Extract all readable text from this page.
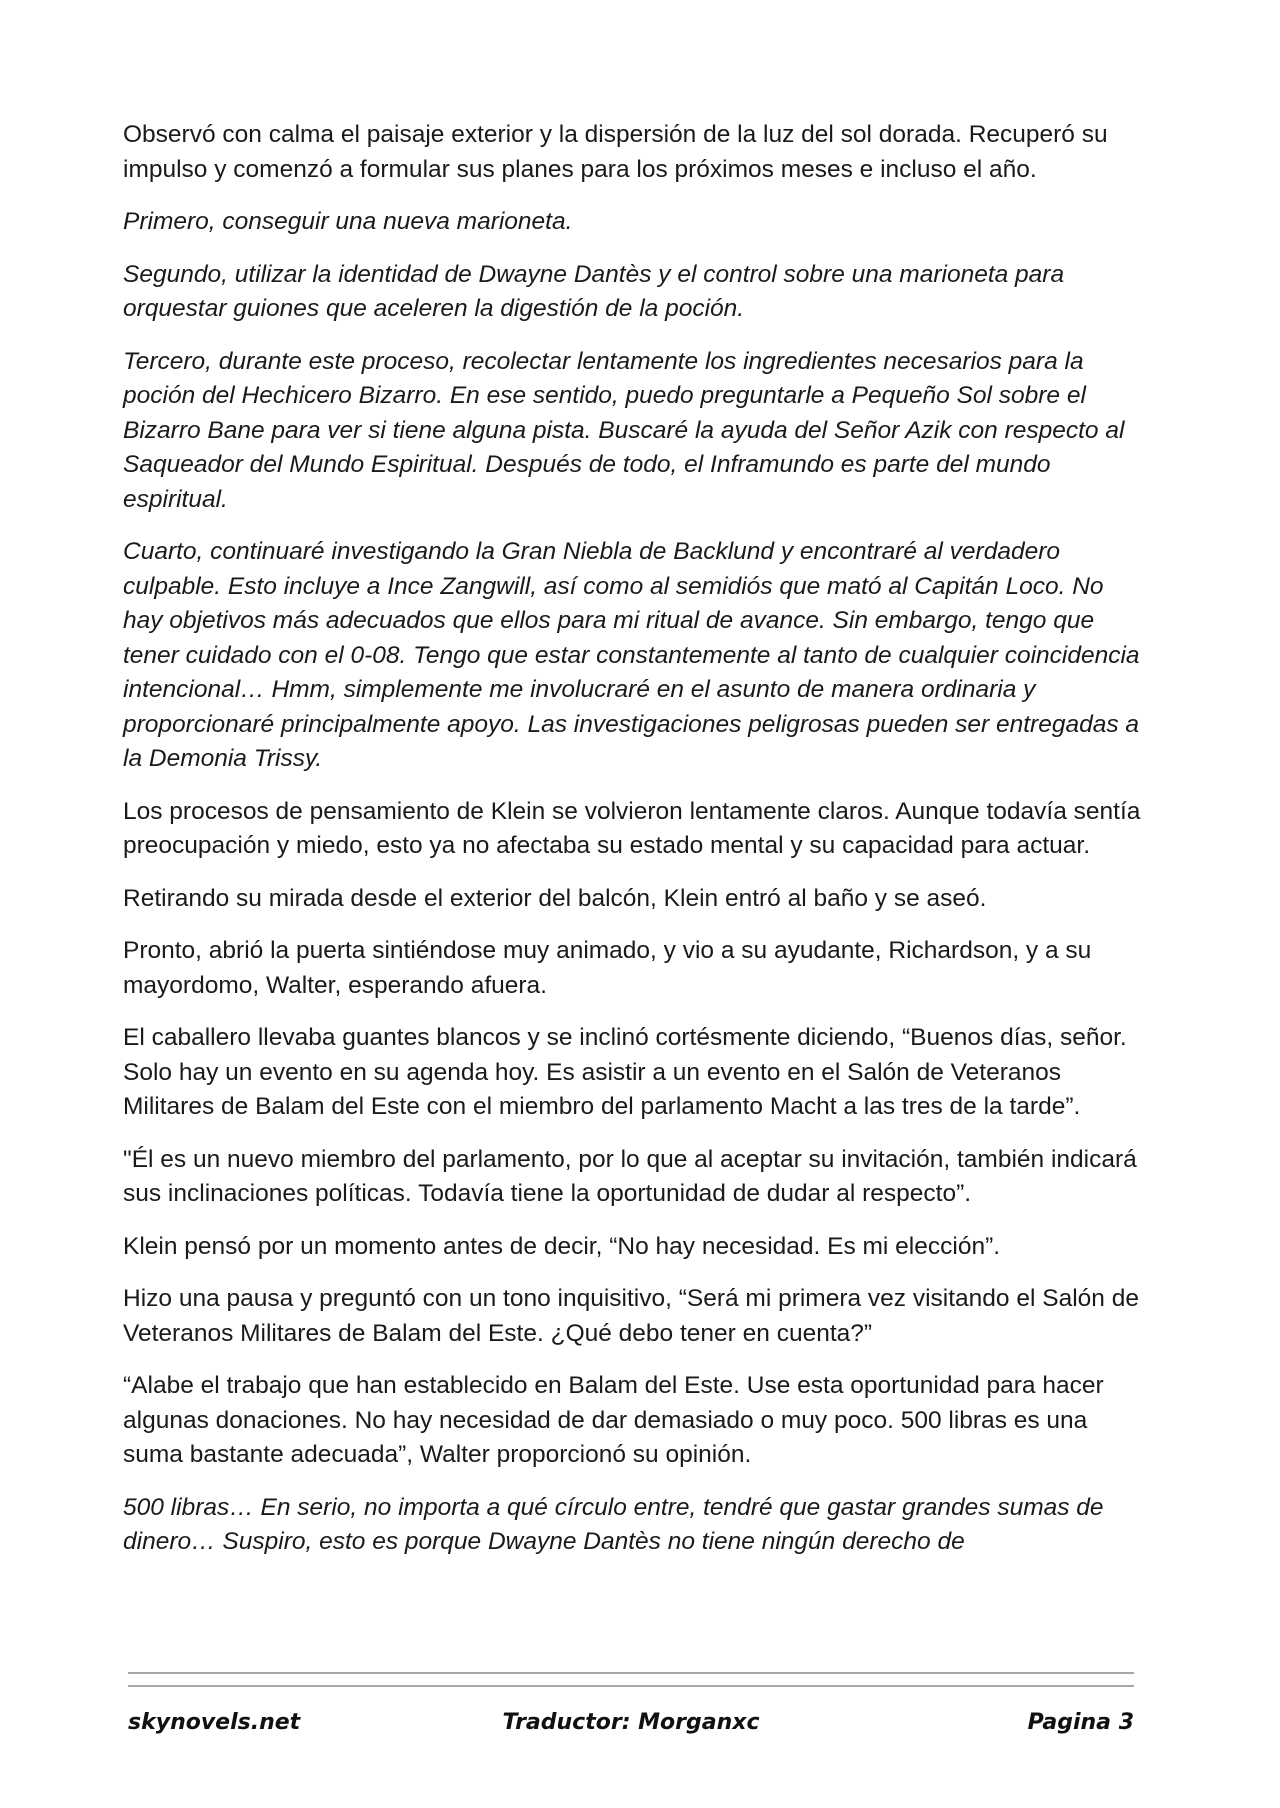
Observó con calma el paisaje exterior y la dispersión de la luz del sol dorada. Recuperó su impulso y comenzó a formular sus planes para los próximos meses e incluso el año.

Primero, conseguir una nueva marioneta.

Segundo, utilizar la identidad de Dwayne Dantès y el control sobre una marioneta para orquestar guiones que aceleren la digestión de la poción.

Tercero, durante este proceso, recolectar lentamente los ingredientes necesarios para la poción del Hechicero Bizarro. En ese sentido, puedo preguntarle a Pequeño Sol sobre el Bizarro Bane para ver si tiene alguna pista. Buscaré la ayuda del Señor Azik con respecto al Saqueador del Mundo Espiritual. Después de todo, el Inframundo es parte del mundo espiritual.

Cuarto, continuaré investigando la Gran Niebla de Backlund y encontraré al verdadero culpable. Esto incluye a Ince Zangwill, así como al semidiós que mató al Capitán Loco. No hay objetivos más adecuados que ellos para mi ritual de avance. Sin embargo, tengo que tener cuidado con el 0-08. Tengo que estar constantemente al tanto de cualquier coincidencia intencional… Hmm, simplemente me involucraré en el asunto de manera ordinaria y proporcionaré principalmente apoyo. Las investigaciones peligrosas pueden ser entregadas a la Demonia Trissy.

Los procesos de pensamiento de Klein se volvieron lentamente claros. Aunque todavía sentía preocupación y miedo, esto ya no afectaba su estado mental y su capacidad para actuar.

Retirando su mirada desde el exterior del balcón, Klein entró al baño y se aseó.

Pronto, abrió la puerta sintiéndose muy animado, y vio a su ayudante, Richardson, y a su mayordomo, Walter, esperando afuera.

El caballero llevaba guantes blancos y se inclinó cortésmente diciendo, “Buenos días, señor. Solo hay un evento en su agenda hoy. Es asistir a un evento en el Salón de Veteranos Militares de Balam del Este con el miembro del parlamento Macht a las tres de la tarde”.

"Él es un nuevo miembro del parlamento, por lo que al aceptar su invitación, también indicará sus inclinaciones políticas. Todavía tiene la oportunidad de dudar al respecto”.

Klein pensó por un momento antes de decir, “No hay necesidad. Es mi elección”.

Hizo una pausa y preguntó con un tono inquisitivo, “Será mi primera vez visitando el Salón de Veteranos Militares de Balam del Este. ¿Qué debo tener en cuenta?”

“Alabe el trabajo que han establecido en Balam del Este. Use esta oportunidad para hacer algunas donaciones. No hay necesidad de dar demasiado o muy poco. 500 libras es una suma bastante adecuada”, Walter proporcionó su opinión.

500 libras… En serio, no importa a qué círculo entre, tendré que gastar grandes sumas de dinero… Suspiro, esto es porque Dwayne Dantès no tiene ningún derecho de

skynovels.net	Traductor: Morganxc	Pagina 3
